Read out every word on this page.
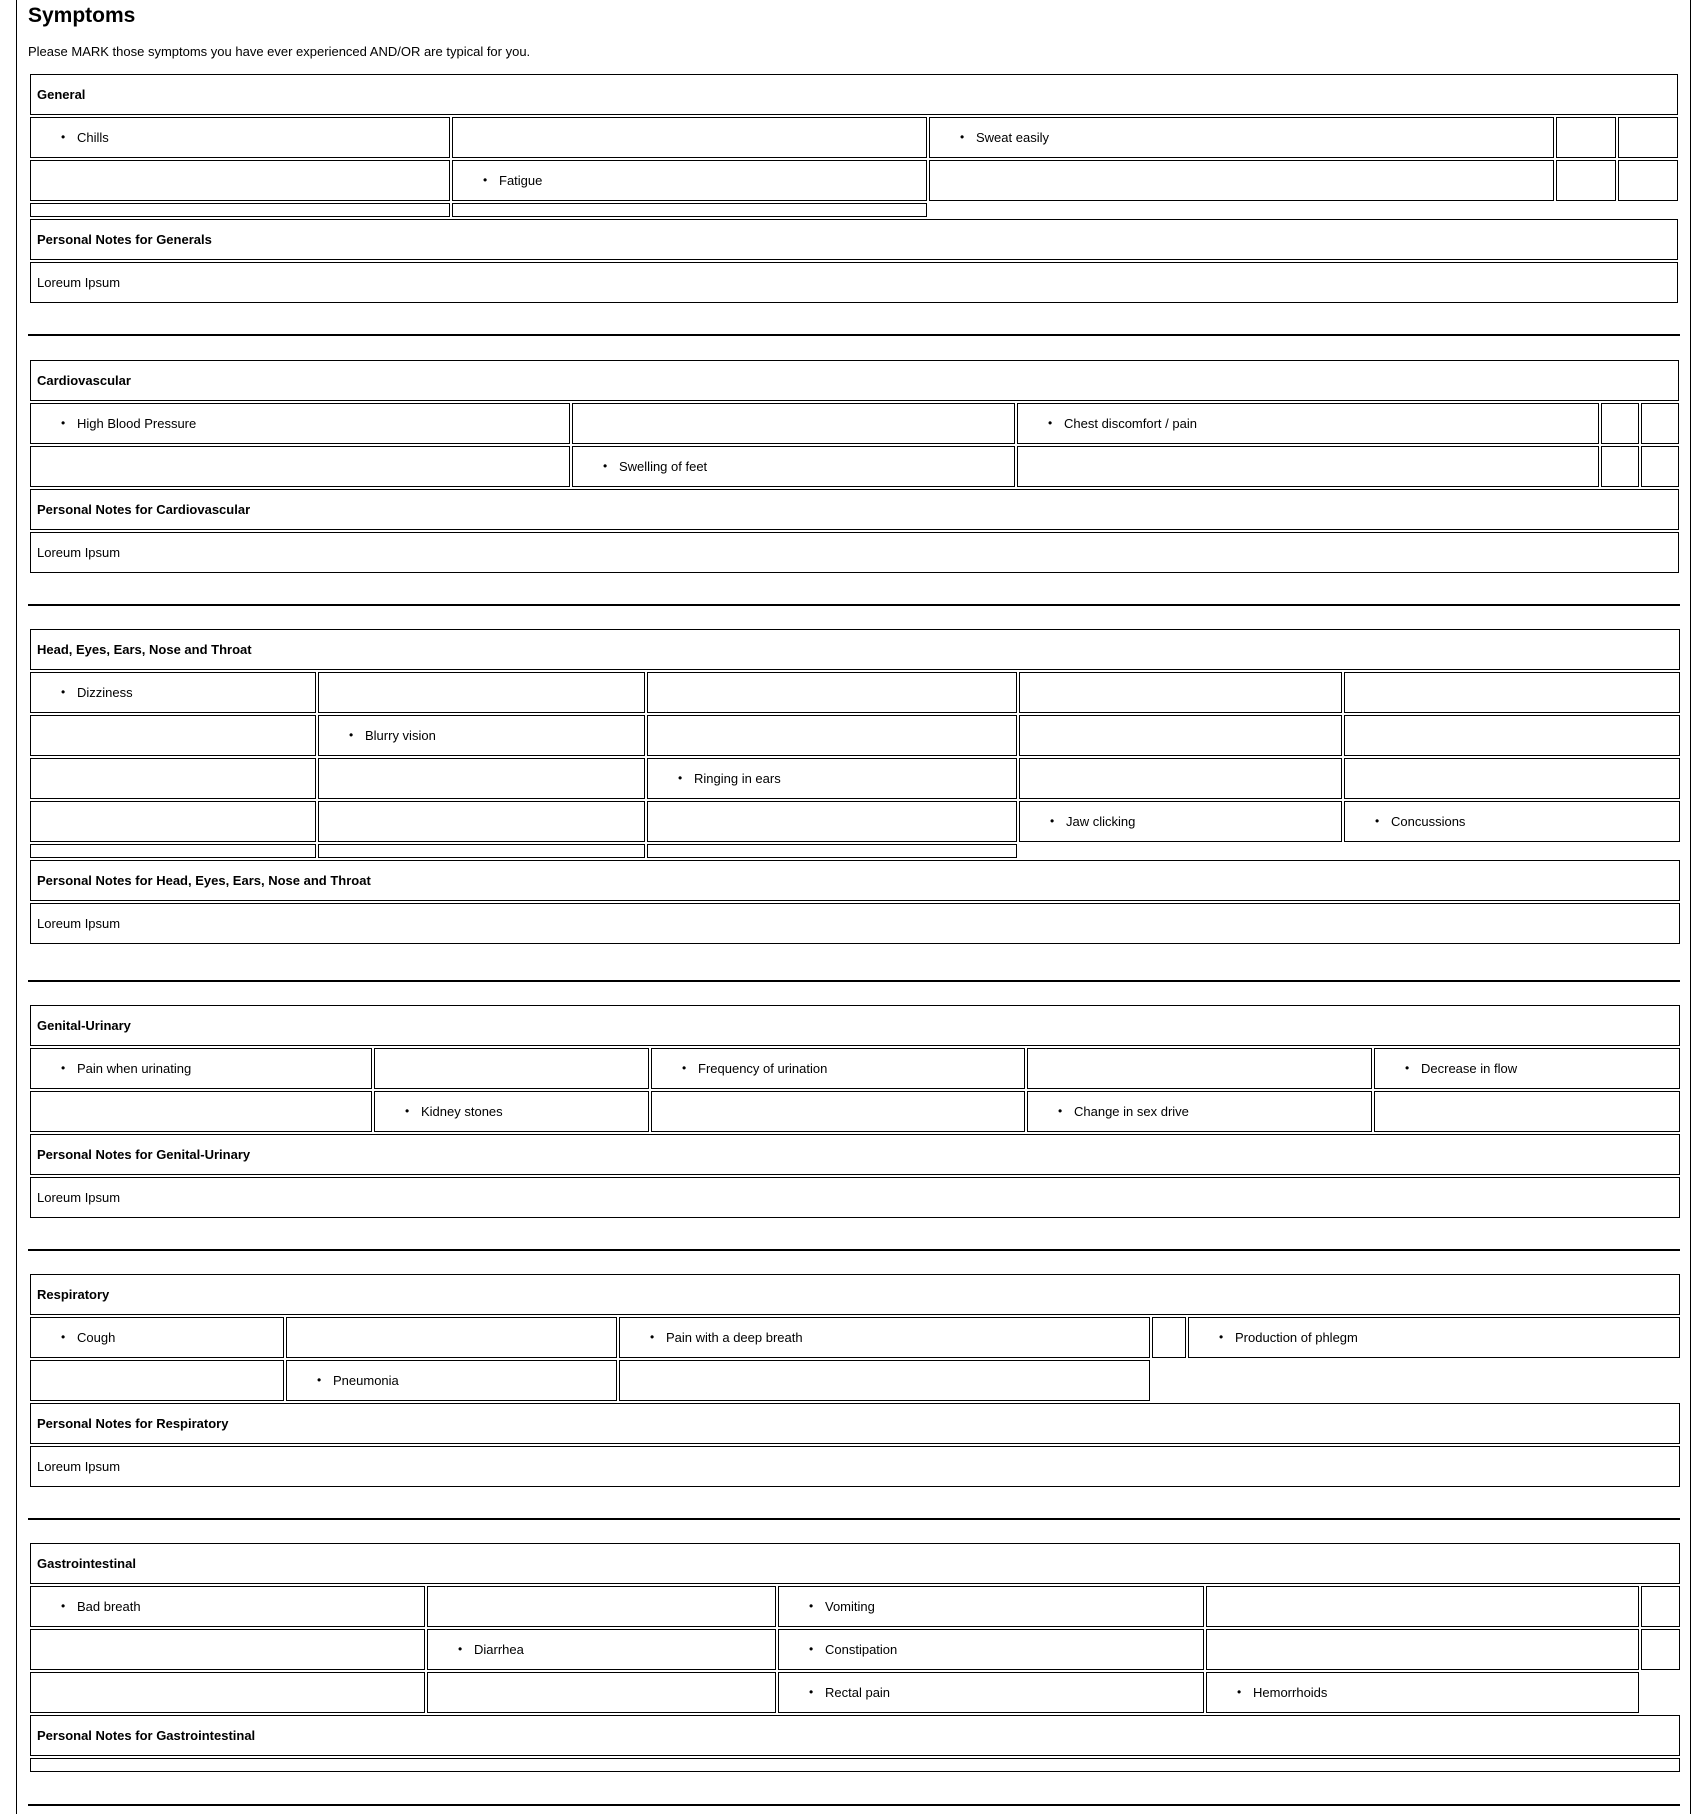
Symptoms
Please MARK those symptoms you have ever experienced AND/OR are typical for you.
General				
• Chills		• Sweat easily		
	• Fatigue			

Personal Notes for Generals				
Loreum Ipsum				
Cardiovascular				
• High Blood Pressure		• Chest discomfort / pain		
	• Swelling of feet			
Personal Notes for Cardiovascular				
Loreum Ipsum				
Head, Eyes, Ears, Nose and Throat				
• Dizziness				
	• Blurry vision			
		• Ringing in ears		
			• Jaw clicking	• Concussions

Personal Notes for Head, Eyes, Ears, Nose and Throat				
Loreum Ipsum				
Genital-Urinary				
• Pain when urinating		• Frequency of urination		• Decrease in flow
	• Kidney stones		• Change in sex drive	
Personal Notes for Genital-Urinary				
Loreum Ipsum				
Respiratory				
• Cough		• Pain with a deep breath		• Production of phlegm
	• Pneumonia		
Personal Notes for Respiratory				
Loreum Ipsum				
Gastrointestinal				
• Bad breath		• Vomiting		
	• Diarrhea	• Constipation		
		• Rectal pain	• Hemorrhoids	
Personal Notes for Gastrointestinal				
